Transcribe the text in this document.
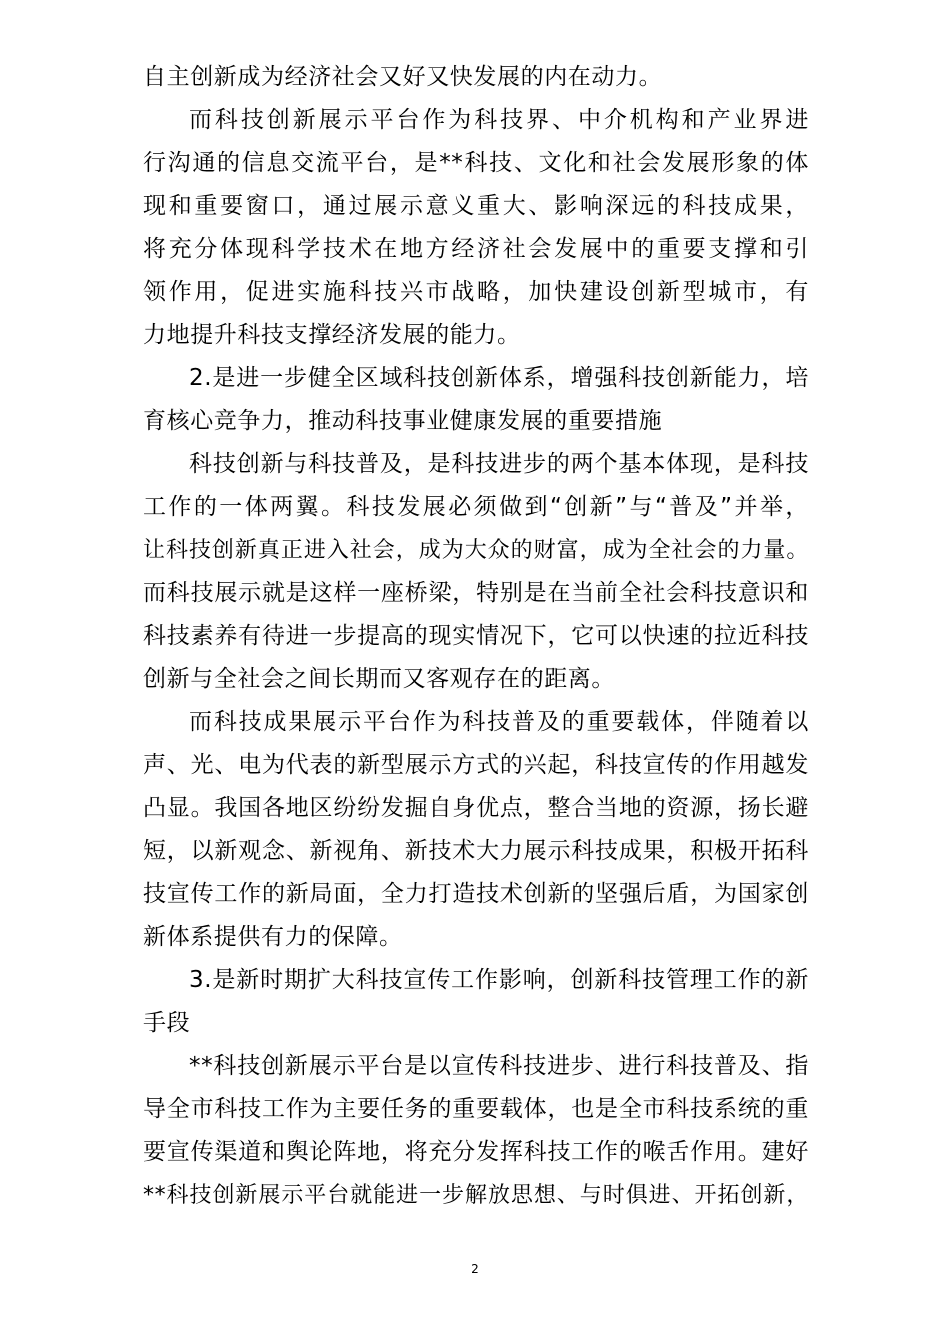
自主创新成为经济社会又好又快发展的内在动力。
而科技创新展示平台作为科技界、中介机构和产业界进
行沟通的信息交流平台，是**科技、文化和社会发展形象的体
现和重要窗口，通过展示意义重大、影响深远的科技成果，
将充分体现科学技术在地方经济社会发展中的重要支撑和引
领作用，促进实施科技兴市战略，加快建设创新型城市，有
力地提升科技支撑经济发展的能力。
2.是进一步健全区域科技创新体系，增强科技创新能力，培
育核心竞争力，推动科技事业健康发展的重要措施
科技创新与科技普及，是科技进步的两个基本体现，是科技
工作的一体两翼。科技发展必须做到“创新”与“普及”并举，
让科技创新真正进入社会，成为大众的财富，成为全社会的力量。
而科技展示就是这样一座桥梁，特别是在当前全社会科技意识和
科技素养有待进一步提高的现实情况下，它可以快速的拉近科技
创新与全社会之间长期而又客观存在的距离。
而科技成果展示平台作为科技普及的重要载体，伴随着以
声、光、电为代表的新型展示方式的兴起，科技宣传的作用越发
凸显。我国各地区纷纷发掘自身优点，整合当地的资源，扬长避
短，以新观念、新视角、新技术大力展示科技成果，积极开拓科
技宣传工作的新局面，全力打造技术创新的坚强后盾，为国家创
新体系提供有力的保障。
3.是新时期扩大科技宣传工作影响，创新科技管理工作的新
手段
**科技创新展示平台是以宣传科技进步、进行科技普及、指
导全市科技工作为主要任务的重要载体，也是全市科技系统的重
要宣传渠道和舆论阵地，将充分发挥科技工作的喉舌作用。建好
**科技创新展示平台就能进一步解放思想、与时俱进、开拓创新，
2
